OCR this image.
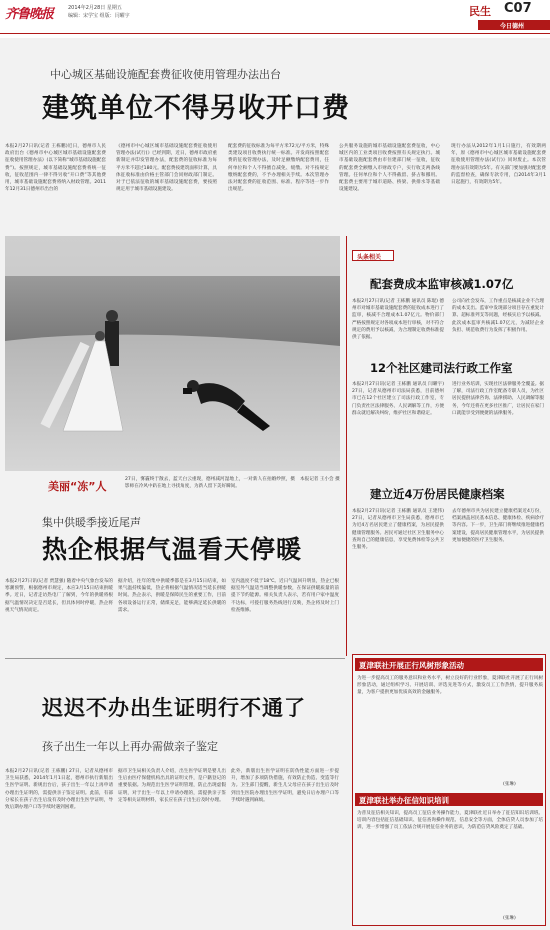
齐鲁晚报	2014年2月28日 星期五
编辑：宋学宝 组版：闫曜宇	民生 C07
今日德州
中心城区基础设施配套费征收使用管理办法出台
建筑单位不得另收开口费
本报2月27日讯(记者 王栋鹏)近日，德州市人民政府出台《德州市中心城区城市基础设施配套费征收使用管理办法》(以下简称“城市基础设施配套费”)。按照规定，城市基础设施配套费将统一征收，征收范围内一律不得另收“开口费”等其他费用，城市基础设施配套费将纳入财政管理。2011年12月31日德州市出台的
《德州市中心城区城市基础设施配套费征收使用管理办法(试行)》已经到期，近日，德州市政府重新制定并印发管理办法，配套费的征收标准为每平方米不超过180元。配套费按建筑面积计算，具体征收标准由价格主管部门会同财政部门制定。对于已依法征收的城市基础设施配套费，要按照规定用于城市基础设施建设。
配套费的征收标准为每平方米72元/平方米，特殊类建设项目收费执行统一标准。开发商按照配套费的征收管理办法，及时足额缴纳配套费用，任何单位和个人不得擅自减免、缓缴。对不按规定缴纳配套费的，不予办理相关手续。本次管理办法对配套费的征收范围、标准、程序等进一步作出规范。
公共服务设施的城市基础设施配套费征收，中心城区内的工业类项目收费按照有关规定执行。城市基础设施配套费由市住建部门统一征收，征收的配套费全额缴入市财政专户，实行收支两条线管理。任何单位和个人不得截留、挤占和挪用。配套费主要用于城市道路、桥梁、供排水等基础设施建设。
现行办法从2012年1月1日施行，有效期两年，原《德州市中心城区城市基础设施配套费征收使用管理办法(试行)》同时废止。本次管理办法有效期为5年。有关部门要加强对配套费的监督检查，确保专款专用，自2014年3月1日起施行，有效期为5年。
美丽“冻”人
27日，雾霾终于散去，蓝天白云重现，德州减河湿地上，一对新人在拍婚纱照，摄影师在冷风中趴在地上寻找角度，为新人留下美好瞬间。
本报记者 王小会 摄
头条相关
配套费成本监审核减1.07亿
本报2月27日讯(记者 王栋鹏 通讯员 陈琨) 德州市对城市基础设施配套费的征收成本进行了监审，核减不合理成本1.07亿元。物价部门严格按照规定对各项成本进行审核，对不符合规定的费用予以核减，为合理制定收费标准提供了依据。
公司向社会发布，工作重点是核减企业不合理的成本支出。监审中发现部分项目存在重复计算、超标准列支等问题，经核实后予以核减。此次成本监审共核减1.07亿元，为减轻企业负担、规范收费行为发挥了积极作用。
12个社区建司法行政工作室
本报2月27日讯(记者 王栋鹏 通讯员 闫曜宇) 27日，记者从德州市司法局获悉，目前德州市已在12个社区建立了司法行政工作室，专门负责社区法律服务、人民调解等工作，方便群众就近解决纠纷，维护社区和谐稳定。
进行业务培训，实现社区法律服务全覆盖。据了解，司法行政工作室配备专职人员，为社区居民提供法律咨询、法律援助、人民调解等服务，今年还将在更多社区推广，让居民在家门口就能享受到便捷的法律服务。
建立近4万份居民健康档案
本报2月27日讯(记者 王栋鹏 通讯员 王建伟) 27日，记者从德州市卫生局获悉，德州市已为近4万名居民建立了健康档案，为居民提供健康管理服务。居民可通过社区卫生服务中心查询自己的健康信息，享受免费体检等公共卫生服务。
去年德州市共为居民建立健康档案近4万份，档案涵盖居民基本信息、健康体检、疾病诊疗等内容。下一步，卫生部门将继续推进健康档案建设，提高居民健康管理水平，为居民提供更加便捷的医疗卫生服务。
集中供暖季接近尾声
热企根据气温看天停暖
本报2月27日讯(记者 贾慧强) 随着中央气象台发布的寒潮预警，根据德州市规定，本应3月15日结束供暖季。近日，记者走访热电厂了解到，今年的供暖将根据气温情况决定是否延长，但具体何时停暖，热企将视天气情况而定。
据介绍，往年的集中供暖季都是在3月15日结束，如果气温持续偏低，热企将根据气温情况适当延长供暖时间。热企表示，供暖是保障民生的重要工作，目前各项设备运行正常，储煤充足，能够满足延长供暖的需求。
室内温度不低于18℃。近日气温回升明显，热企已根据室外气温适当调整供暖参数，在保证供暖质量的前提下节约能源。相关负责人表示，若有用户家中温度不达标，可拨打服务热线进行反映，热企将及时上门检查维修。
迟迟不办出生证明行不通了
孩子出生一年以上再办需做亲子鉴定
本报2月27日讯(记者 王栋鹏) 27日，记者从德州市卫生局获悉，2014年1月1日起，德州市执行新版出生医学证明。新规出台后，孩子出生一年以上再申请办理出生证明的，需提供亲子鉴定证明。此前，有部分家长在孩子出生后没有及时办理出生医学证明，导致后期办理户口等手续时遇到困难。
据市卫生局相关负责人介绍，出生医学证明是婴儿出生后由医疗保健机构出具的证明文件，是户籍登记的重要依据。为规范出生医学证明管理，防止出现虚假证明，对于出生一年以上申请办理的，需提供亲子鉴定等相关证明材料，家长应在孩子出生后及时办理。
此外，新版出生医学证明在防伪性能方面进一步提升，增加了多项防伪措施，有效防止伪造、变造等行为。卫生部门提醒，新生儿父母应在孩子出生后及时到出生医院办理出生医学证明，避免日后办理户口等手续时遇到麻烦。
夏津联社开展正行风树形象活动
为进一步提高员工的服务意识和业务水平，树立良好的行业形象，夏津联社开展了正行风树形象活动，通过组织学习、开展培训、评选先进等方式，激发员工工作热情，提升服务质量，为客户提供更加优质高效的金融服务。
(张琳)
夏津联社举办征信知识培训
为普及征信相关知识，提高员工征信业务操作能力，夏津联社近日举办了征信知识培训班。培训内容包括征信基础知识、征信查询操作规范、信息安全等方面，全体信贷人员参加了培训，进一步增强了员工依法合规开展征信业务的意识，为防范信贷风险奠定了基础。
(张琳)
